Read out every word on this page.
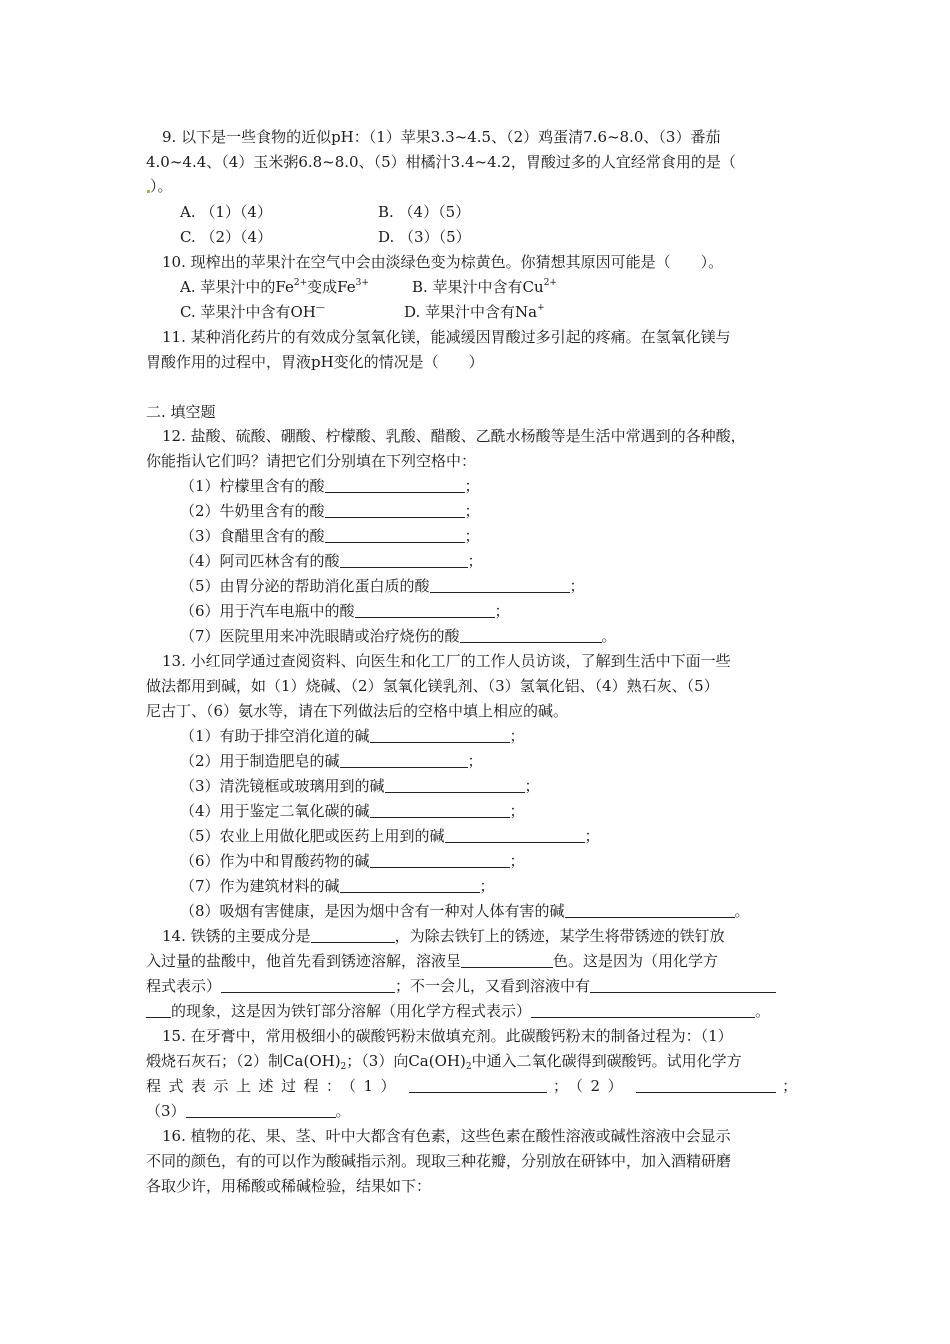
9. 以下是一些食物的近似pH：（1）苹果3.3~4.5、（2）鸡蛋清7.6~8.0、（3）番茄
4.0~4.4、（4）玉米粥6.8~8.0、（5）柑橘汁3.4~4.2，胃酸过多的人宜经常食用的是（
）。
A. （1）（4）	B. （4）（5）
C. （2）（4）	D. （3）（5）
10. 现榨出的苹果汁在空气中会由淡绿色变为棕黄色。你猜想其原因可能是（　　）。
A. 苹果汁中的$Fe^{2+}$变成$Fe^{3+}$	B. 苹果汁中含有$Cu^{2+}$
C. 苹果汁中含有OH—	D. 苹果汁中含有Na+
11. 某种消化药片的有效成分氢氧化镁，能减缓因胃酸过多引起的疼痛。在氢氧化镁与
胃酸作用的过程中，胃液pH变化的情况是（　　）
二. 填空题
12. 盐酸、硫酸、硼酸、柠檬酸、乳酸、醋酸、乙酰水杨酸等是生活中常遇到的各种酸，
你能指认它们吗？请把它们分别填在下列空格中：
（1）柠檬里含有的酸	；
（2）牛奶里含有的酸	；
（3）食醋里含有的酸	；
（4）阿司匹林含有的酸	；
（5）由胃分泌的帮助消化蛋白质的酸	；
（6）用于汽车电瓶中的酸	；
（7）医院里用来冲洗眼睛或治疗烧伤的酸	。
13. 小红同学通过查阅资料、向医生和化工厂的工作人员访谈，了解到生活中下面一些
做法都用到碱，如（1）烧碱、（2）氢氧化镁乳剂、（3）氢氧化铝、（4）熟石灰、（5）
尼古丁、（6）氨水等，请在下列做法后的空格中填上相应的碱。
（1）有助于排空消化道的碱	；
（2）用于制造肥皂的碱	；
（3）清洗镜框或玻璃用到的碱	；
（4）用于鉴定二氧化碳的碱	；
（5）农业上用做化肥或医药上用到的碱	；
（6）作为中和胃酸药物的碱	；
（7）作为建筑材料的碱	；
（8）吸烟有害健康，是因为烟中含有一种对人体有害的碱	。
14. 铁锈的主要成分是	，为除去铁钉上的锈迹，某学生将带锈迹的铁钉放
入过量的盐酸中，他首先看到锈迹溶解，溶液呈	色。这是因为（用化学方
程式表示）	；不一会儿，又看到溶液中有
的现象，这是因为铁钉部分溶解（用化学方程式表示）	。
15. 在牙膏中，常用极细小的碳酸钙粉末做填充剂。此碳酸钙粉末的制备过程为：（1）
煅烧石灰石；（2）制$Ca(OH)_2$；（3）向$Ca(OH)_2$中通入二氧化碳得到碳酸钙。试用化学方
程式表示上述过程：（1）	；（2）	；
（3）	。
16. 植物的花、果、茎、叶中大都含有色素，这些色素在酸性溶液或碱性溶液中会显示
不同的颜色，有的可以作为酸碱指示剂。现取三种花瓣，分别放在研钵中，加入酒精研磨
各取少许，用稀酸或稀碱检验，结果如下：
